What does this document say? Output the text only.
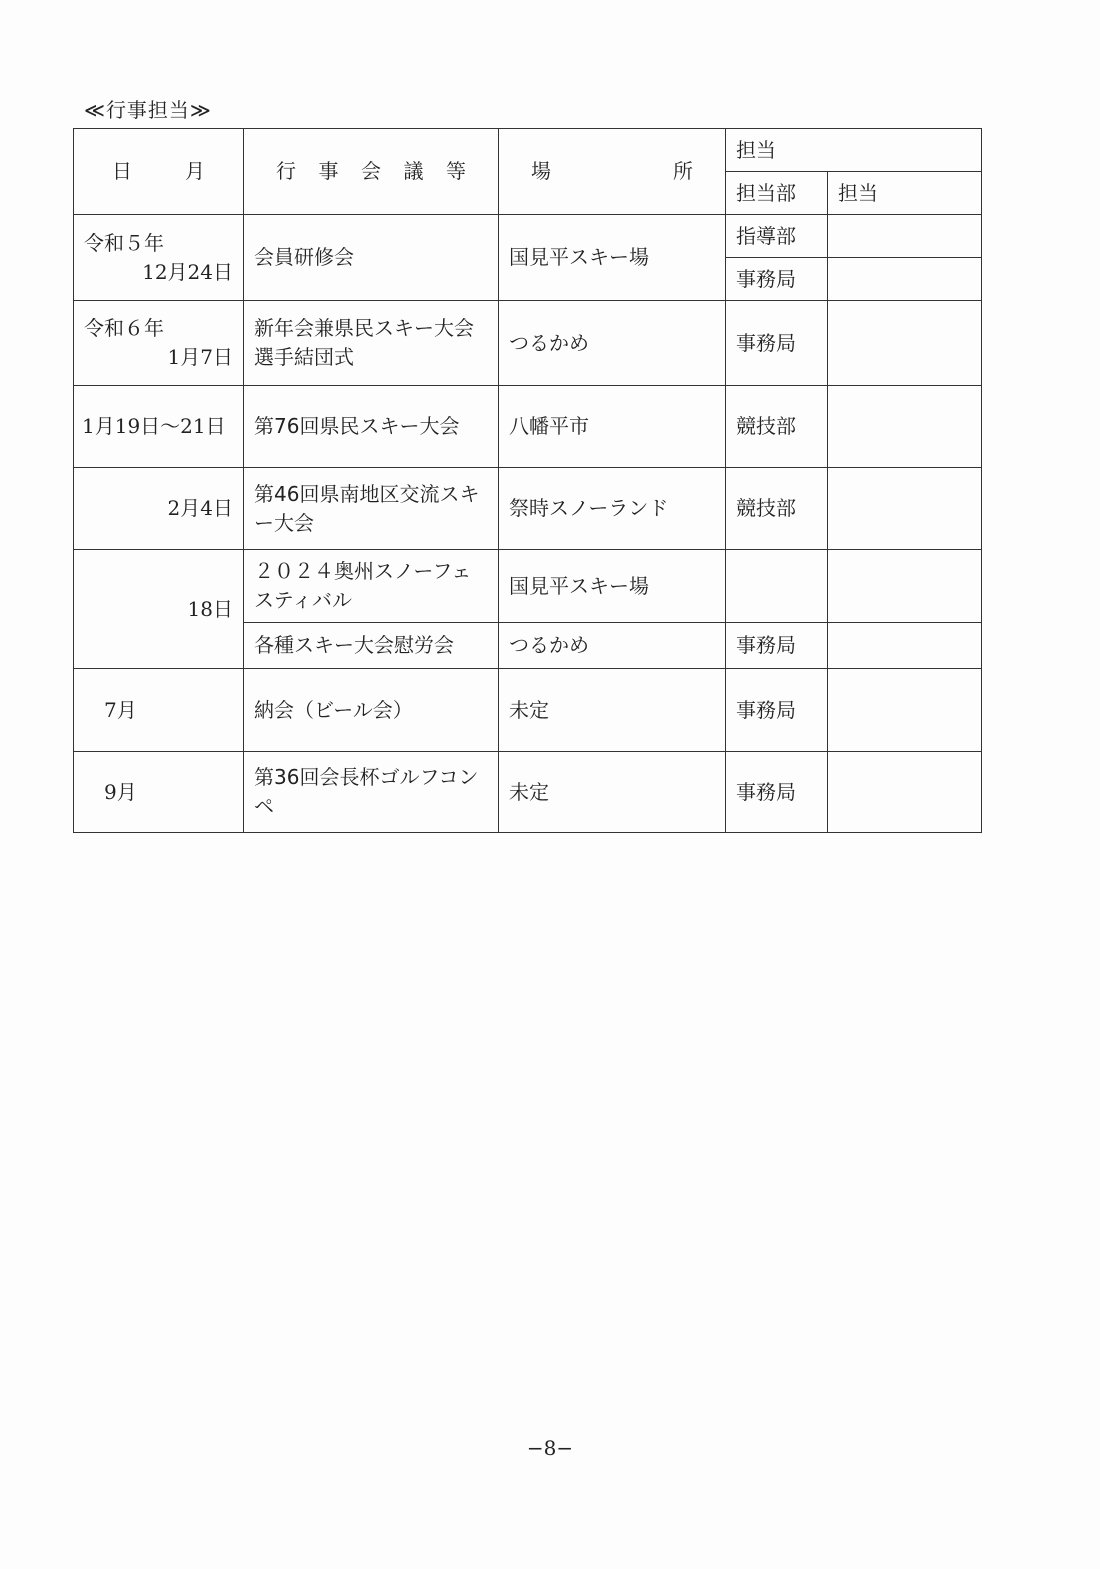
≪行事担当≫
日 月	行 事 会 議 等	場 所	担当	
			担当部	担当

令和５年
12月24日	会員研修会	国見平スキー場	指導部	
			事務局	

令和６年
1月7日	新年会兼県民スキー大会選手結団式	つるかめ	事務局	
1月19日～21日	第76回県民スキー大会	八幡平市	競技部	
2月4日	第46回県南地区交流スキー大会	祭時スノーランド	競技部	
18日	２０２４奥州スノーフェスティバル	国見平スキー場		
	各種スキー大会慰労会	つるかめ	事務局	
7月	納会（ビール会）	未定	事務局	
9月	第36回会長杯ゴルフコンペ	未定	事務局	
−8−
